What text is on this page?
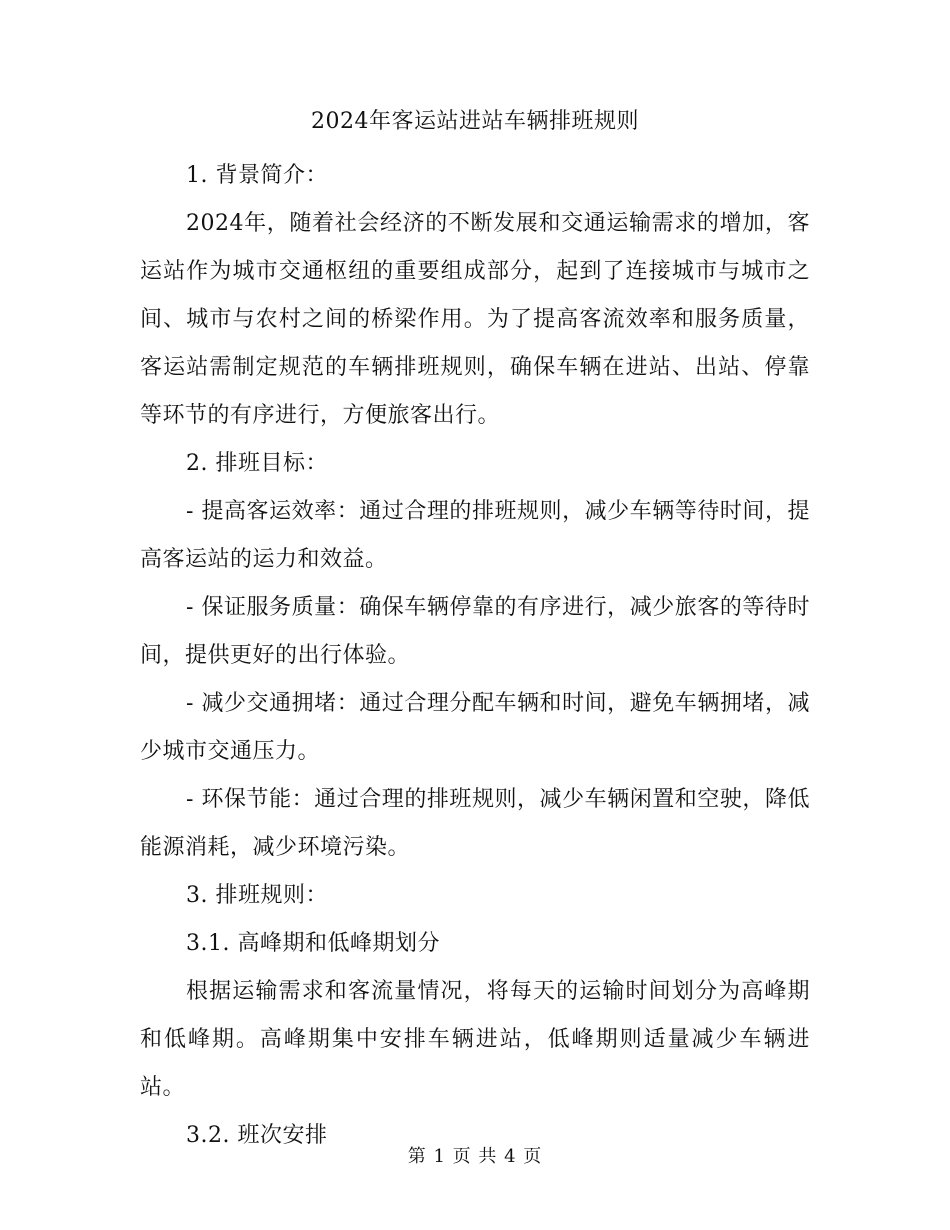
2024年客运站进站车辆排班规则

1. 背景简介：

2024年，随着社会经济的不断发展和交通运输需求的增加，客运站作为城市交通枢纽的重要组成部分，起到了连接城市与城市之间、城市与农村之间的桥梁作用。为了提高客流效率和服务质量，客运站需制定规范的车辆排班规则，确保车辆在进站、出站、停靠等环节的有序进行，方便旅客出行。

2. 排班目标：

- 提高客运效率：通过合理的排班规则，减少车辆等待时间，提高客运站的运力和效益。

- 保证服务质量：确保车辆停靠的有序进行，减少旅客的等待时间，提供更好的出行体验。

- 减少交通拥堵：通过合理分配车辆和时间，避免车辆拥堵，减少城市交通压力。

- 环保节能：通过合理的排班规则，减少车辆闲置和空驶，降低能源消耗，减少环境污染。

3. 排班规则：

3.1. 高峰期和低峰期划分

根据运输需求和客流量情况，将每天的运输时间划分为高峰期和低峰期。高峰期集中安排车辆进站，低峰期则适量减少车辆进站。

3.2. 班次安排

第 1 页 共 4 页
